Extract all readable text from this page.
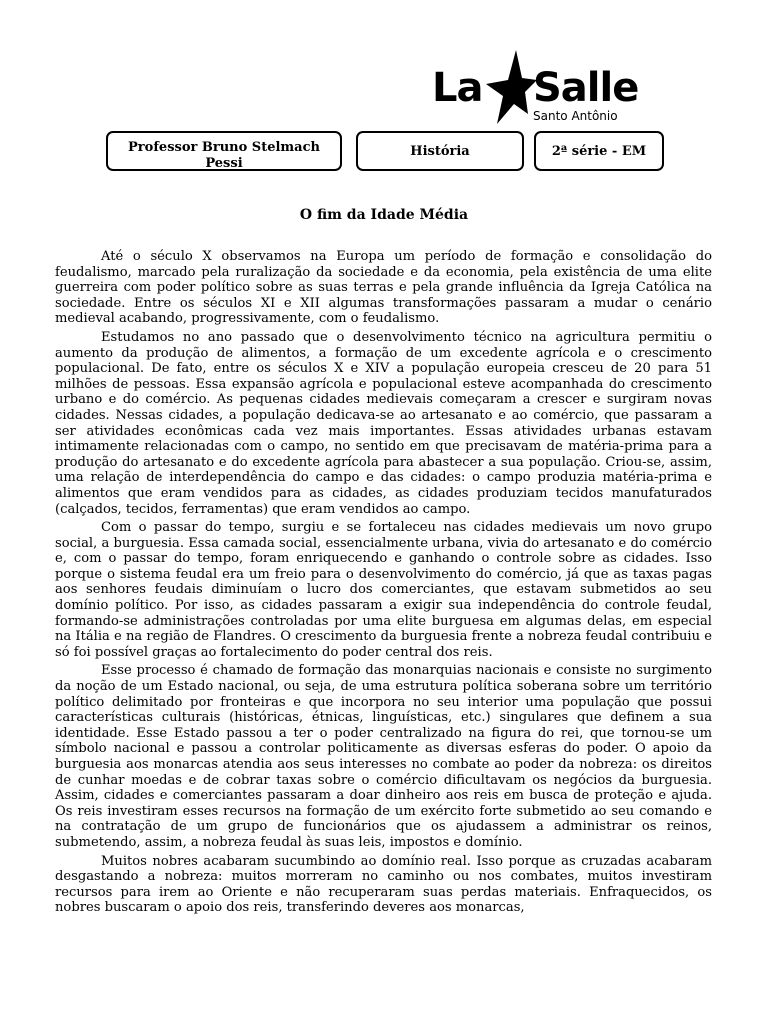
La Salle
Santo Antônio
Professor Bruno Stelmach Pessi
História	2ª série - EM
O fim da Idade Média

Até o século X observamos na Europa um período de formação e consolidação do feudalismo, marcado pela ruralização da sociedade e da economia, pela existência de uma elite guerreira com poder político sobre as suas terras e pela grande influência da Igreja Católica na sociedade. Entre os séculos XI e XII algumas transformações passaram a mudar o cenário medieval acabando, progressivamente, com o feudalismo.

Estudamos no ano passado que o desenvolvimento técnico na agricultura permitiu o aumento da produção de alimentos, a formação de um excedente agrícola e o crescimento populacional. De fato, entre os séculos X e XIV a população europeia cresceu de 20 para 51 milhões de pessoas. Essa expansão agrícola e populacional esteve acompanhada do crescimento urbano e do comércio. As pequenas cidades medievais começaram a crescer e surgiram novas cidades. Nessas cidades, a população dedicava-se ao artesanato e ao comércio, que passaram a ser atividades econômicas cada vez mais importantes. Essas atividades urbanas estavam intimamente relacionadas com o campo, no sentido em que precisavam de matéria-prima para a produção do artesanato e do excedente agrícola para abastecer a sua população. Criou-se, assim, uma relação de interdependência do campo e das cidades: o campo produzia matéria-prima e alimentos que eram vendidos para as cidades, as cidades produziam tecidos manufaturados (calçados, tecidos, ferramentas) que eram vendidos ao campo.

Com o passar do tempo, surgiu e se fortaleceu nas cidades medievais um novo grupo social, a burguesia. Essa camada social, essencialmente urbana, vivia do artesanato e do comércio e, com o passar do tempo, foram enriquecendo e ganhando o controle sobre as cidades. Isso porque o sistema feudal era um freio para o desenvolvimento do comércio, já que as taxas pagas aos senhores feudais diminuíam o lucro dos comerciantes, que estavam submetidos ao seu domínio político. Por isso, as cidades passaram a exigir sua independência do controle feudal, formando-se administrações controladas por uma elite burguesa em algumas delas, em especial na Itália e na região de Flandres. O crescimento da burguesia frente a nobreza feudal contribuiu e só foi possível graças ao fortalecimento do poder central dos reis.

Esse processo é chamado de formação das monarquias nacionais e consiste no surgimento da noção de um Estado nacional, ou seja, de uma estrutura política soberana sobre um território político delimitado por fronteiras e que incorpora no seu interior uma população que possui características culturais (históricas, étnicas, linguísticas, etc.) singulares que definem a sua identidade. Esse Estado passou a ter o poder centralizado na figura do rei, que tornou-se um símbolo nacional e passou a controlar politicamente as diversas esferas do poder. O apoio da burguesia aos monarcas atendia aos seus interesses no combate ao poder da nobreza: os direitos de cunhar moedas e de cobrar taxas sobre o comércio dificultavam os negócios da burguesia. Assim, cidades e comerciantes passaram a doar dinheiro aos reis em busca de proteção e ajuda. Os reis investiram esses recursos na formação de um exército forte submetido ao seu comando e na contratação de um grupo de funcionários que os ajudassem a administrar os reinos, submetendo, assim, a nobreza feudal às suas leis, impostos e domínio.

Muitos nobres acabaram sucumbindo ao domínio real. Isso porque as cruzadas acabaram desgastando a nobreza: muitos morreram no caminho ou nos combates, muitos investiram recursos para irem ao Oriente e não recuperaram suas perdas materiais. Enfraquecidos, os nobres buscaram o apoio dos reis, transferindo deveres aos monarcas,
